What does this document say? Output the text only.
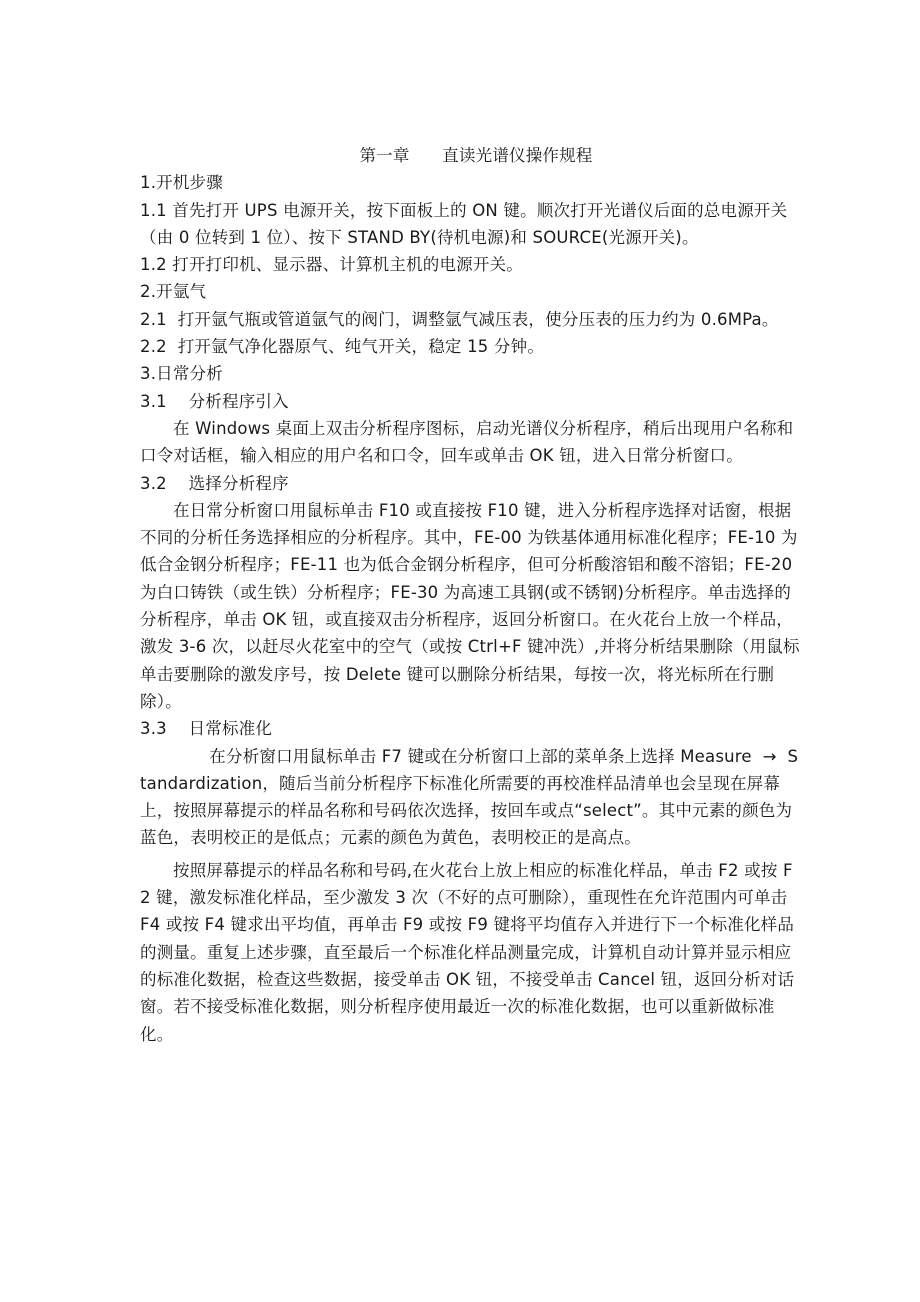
第一章      直读光谱仪操作规程

1.开机步骤

1.1 首先打开 UPS 电源开关，按下面板上的 ON 键。顺次打开光谱仪后面的总电源开关（由 0 位转到 1 位）、按下 STAND BY(待机电源)和 SOURCE(光源开关)。

1.2 打开打印机、显示器、计算机主机的电源开关。

2.开氩气

2.1  打开氩气瓶或管道氩气的阀门，调整氩气减压表，使分压表的压力约为 0.6MPa。

2.2  打开氩气净化器原气、纯气开关，稳定 15 分钟。

3.日常分析

3.1    分析程序引入

在 Windows 桌面上双击分析程序图标，启动光谱仪分析程序，稍后出现用户名称和口令对话框，输入相应的用户名和口令，回车或单击 OK 钮，进入日常分析窗口。

3.2    选择分析程序

在日常分析窗口用鼠标单击 F10 或直接按 F10 键，进入分析程序选择对话窗，根据不同的分析任务选择相应的分析程序。其中，FE-00 为铁基体通用标准化程序；FE-10 为低合金钢分析程序；FE-11 也为低合金钢分析程序，但可分析酸溶铝和酸不溶铝；FE-20 为白口铸铁（或生铁）分析程序；FE-30 为高速工具钢(或不锈钢)分析程序。单击选择的分析程序，单击 OK 钮，或直接双击分析程序，返回分析窗口。在火花台上放一个样品，激发 3-6 次，以赶尽火花室中的空气（或按 Ctrl+F 键冲洗）,并将分析结果删除（用鼠标单击要删除的激发序号，按 Delete 键可以删除分析结果，每按一次，将光标所在行删除）。

3.3    日常标准化

在分析窗口用鼠标单击 F7 键或在分析窗口上部的菜单条上选择 Measure  →  Standardization，随后当前分析程序下标准化所需要的再校准样品清单也会呈现在屏幕上，按照屏幕提示的样品名称和号码依次选择，按回车或点“select”。其中元素的颜色为蓝色，表明校正的是低点；元素的颜色为黄色，表明校正的是高点。

按照屏幕提示的样品名称和号码,在火花台上放上相应的标准化样品，单击 F2 或按 F2 键，激发标准化样品，至少激发 3 次（不好的点可删除），重现性在允许范围内可单击 F4 或按 F4 键求出平均值，再单击 F9 或按 F9 键将平均值存入并进行下一个标准化样品的测量。重复上述步骤，直至最后一个标准化样品测量完成，计算机自动计算并显示相应的标准化数据，检查这些数据，接受单击 OK 钮，不接受单击 Cancel 钮，返回分析对话窗。若不接受标准化数据，则分析程序使用最近一次的标准化数据，也可以重新做标准化。
